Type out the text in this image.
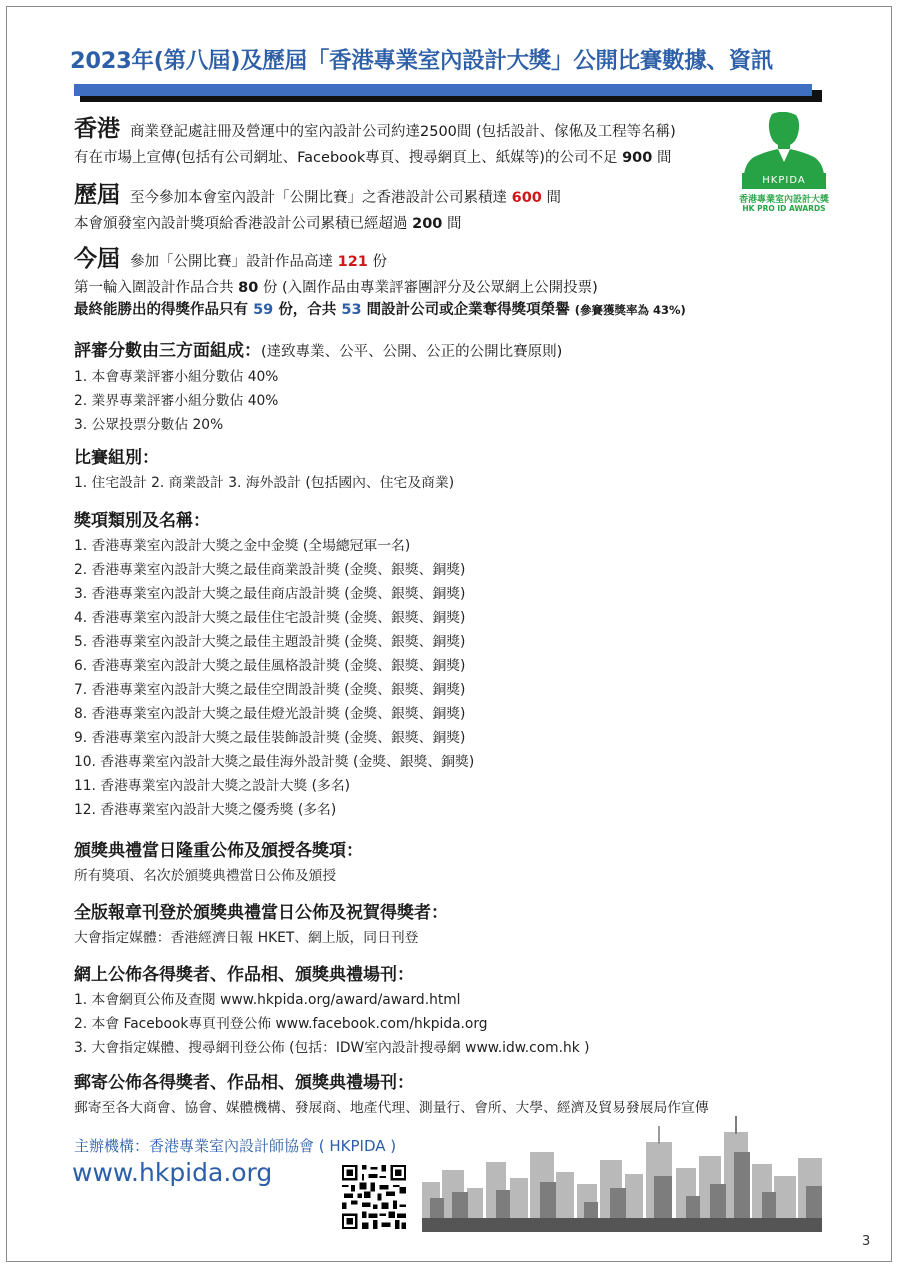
2023年(第八屆)及歷屆「香港專業室內設計大獎」公開比賽數據、資訊
HKPIDA
香港專業室內設計大獎
HK PRO ID AWARDS
香港 商業登記處註冊及營運中的室內設計公司約達2500間 (包括設計、傢俬及工程等名稱)
有在市場上宣傳(包括有公司網址、Facebook專頁、搜尋網頁上、紙媒等)的公司不足 900 間
歷屆 至今參加本會室內設計「公開比賽」之香港設計公司累積達 600 間
本會頒發室內設計獎項給香港設計公司累積已經超過 200 間
今屆 參加「公開比賽」設計作品高達 121 份
第一輪入圍設計作品合共 80 份 (入圍作品由專業評審團評分及公眾網上公開投票)
最終能勝出的得獎作品只有 59 份，合共 53 間設計公司或企業奪得獎項榮譽 (參賽獲獎率為 43%)
評審分數由三方面組成：(達致專業、公平、公開、公正的公開比賽原則)
1. 本會專業評審小組分數佔 40%
2. 業界專業評審小組分數佔 40%
3. 公眾投票分數佔 20%
比賽組別：
1. 住宅設計 2. 商業設計 3. 海外設計 (包括國內、住宅及商業)
獎項類別及名稱：
1. 香港專業室內設計大獎之金中金獎 (全場總冠軍一名)
2. 香港專業室內設計大獎之最佳商業設計獎 (金獎、銀獎、銅獎)
3. 香港專業室內設計大獎之最佳商店設計獎 (金獎、銀獎、銅獎)
4. 香港專業室內設計大獎之最佳住宅設計獎 (金獎、銀獎、銅獎)
5. 香港專業室內設計大獎之最佳主題設計獎 (金獎、銀獎、銅獎)
6. 香港專業室內設計大獎之最佳風格設計獎 (金獎、銀獎、銅獎)
7. 香港專業室內設計大獎之最佳空間設計獎 (金獎、銀獎、銅獎)
8. 香港專業室內設計大獎之最佳燈光設計獎 (金獎、銀獎、銅獎)
9. 香港專業室內設計大獎之最佳裝飾設計獎 (金獎、銀獎、銅獎)
10. 香港專業室內設計大獎之最佳海外設計獎 (金獎、銀獎、銅獎)
11. 香港專業室內設計大獎之設計大獎 (多名)
12. 香港專業室內設計大獎之優秀獎 (多名)
頒獎典禮當日隆重公佈及頒授各獎項：
所有獎項、名次於頒獎典禮當日公佈及頒授
全版報章刊登於頒獎典禮當日公佈及祝賀得獎者：
大會指定媒體：香港經濟日報 HKET、網上版，同日刊登
網上公佈各得獎者、作品相、頒獎典禮場刊：
1. 本會網頁公佈及查閱 www.hkpida.org/award/award.html
2. 本會 Facebook專頁刊登公佈 www.facebook.com/hkpida.org
3. 大會指定媒體、搜尋網刊登公佈 (包括：IDW室內設計搜尋網 www.idw.com.hk )
郵寄公佈各得獎者、作品相、頒獎典禮場刊：
郵寄至各大商會、協會、媒體機構、發展商、地產代理、測量行、會所、大學、經濟及貿易發展局作宣傳
主辦機構：香港專業室內設計師協會 ( HKPIDA )
www.hkpida.org
3
